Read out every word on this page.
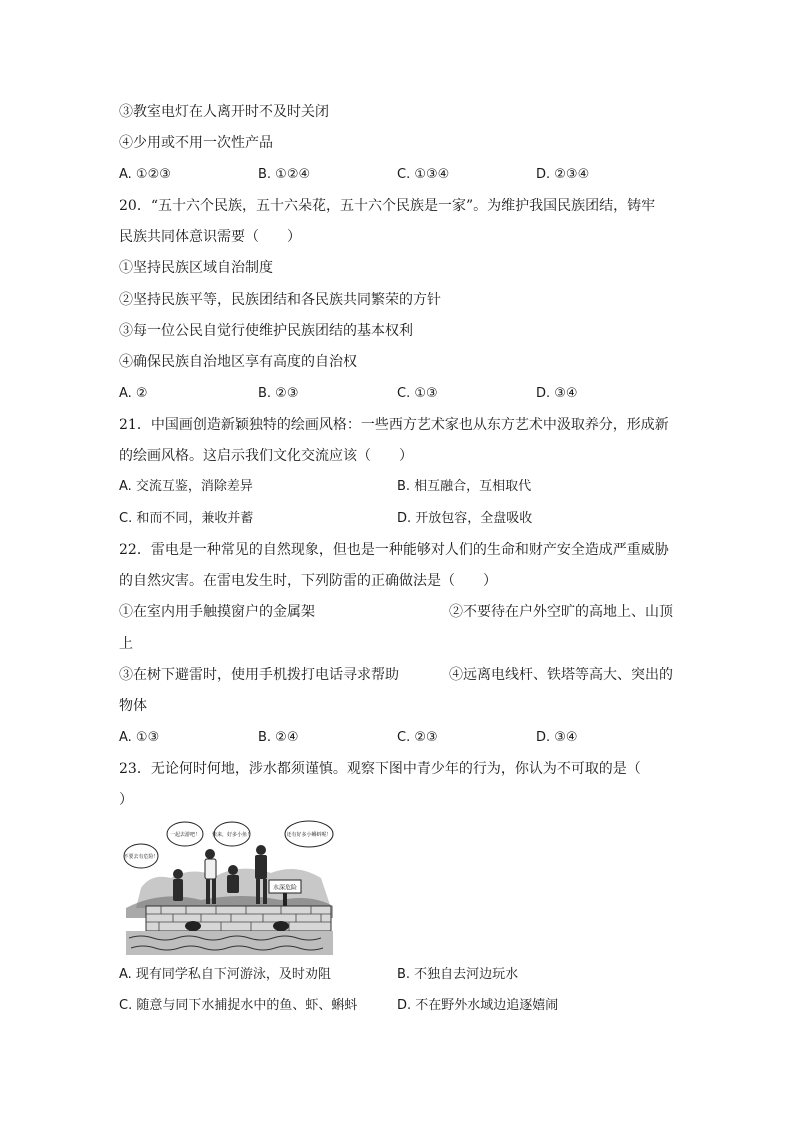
③教室电灯在人离开时不及时关闭
④少用或不用一次性产品
A. ①②③	B. ①②④	C. ①③④	D. ②③④
20．“五十六个民族，五十六朵花，五十六个民族是一家”。为维护我国民族团结，铸牢
民族共同体意识需要（　　）
①坚持民族区域自治制度
②坚持民族平等，民族团结和各民族共同繁荣的方针
③每一位公民自觉行使维护民族团结的基本权利
④确保民族自治地区享有高度的自治权
A. ②	B. ②③	C. ①③	D. ③④
21．中国画创造新颖独特的绘画风格：一些西方艺术家也从东方艺术中汲取养分，形成新
的绘画风格。这启示我们文化交流应该（　　）
A. 交流互鉴，消除差异	B. 相互融合，互相取代
C. 和而不同，兼收并蓄	D. 开放包容，全盘吸收
22．雷电是一种常见的自然现象，但也是一种能够对人们的生命和财产安全造成严重威胁
的自然灾害。在雷电发生时，下列防雷的正确做法是（　　）
①在室内用手触摸窗户的金属架	②不要待在户外空旷的高地上、山顶
上
③在树下避雷时，使用手机拨打电话寻求帮助	④远离电线杆、铁塔等高大、突出的
物体
A. ①③	B. ②④	C. ②③	D. ③④
23．无论何时何地，涉水都须谨慎。观察下图中青少年的行为，你认为不可取的是（
）
水深危险
不要去有危险！
一起去游吧！ 快来，好多小鱼！	还有好多小蝌蚪呢！
A. 现有同学私自下河游泳，及时劝阻	B. 不独自去河边玩水
C. 随意与同下水捕捉水中的鱼、虾、蝌蚪	D. 不在野外水域边追逐嬉闹
